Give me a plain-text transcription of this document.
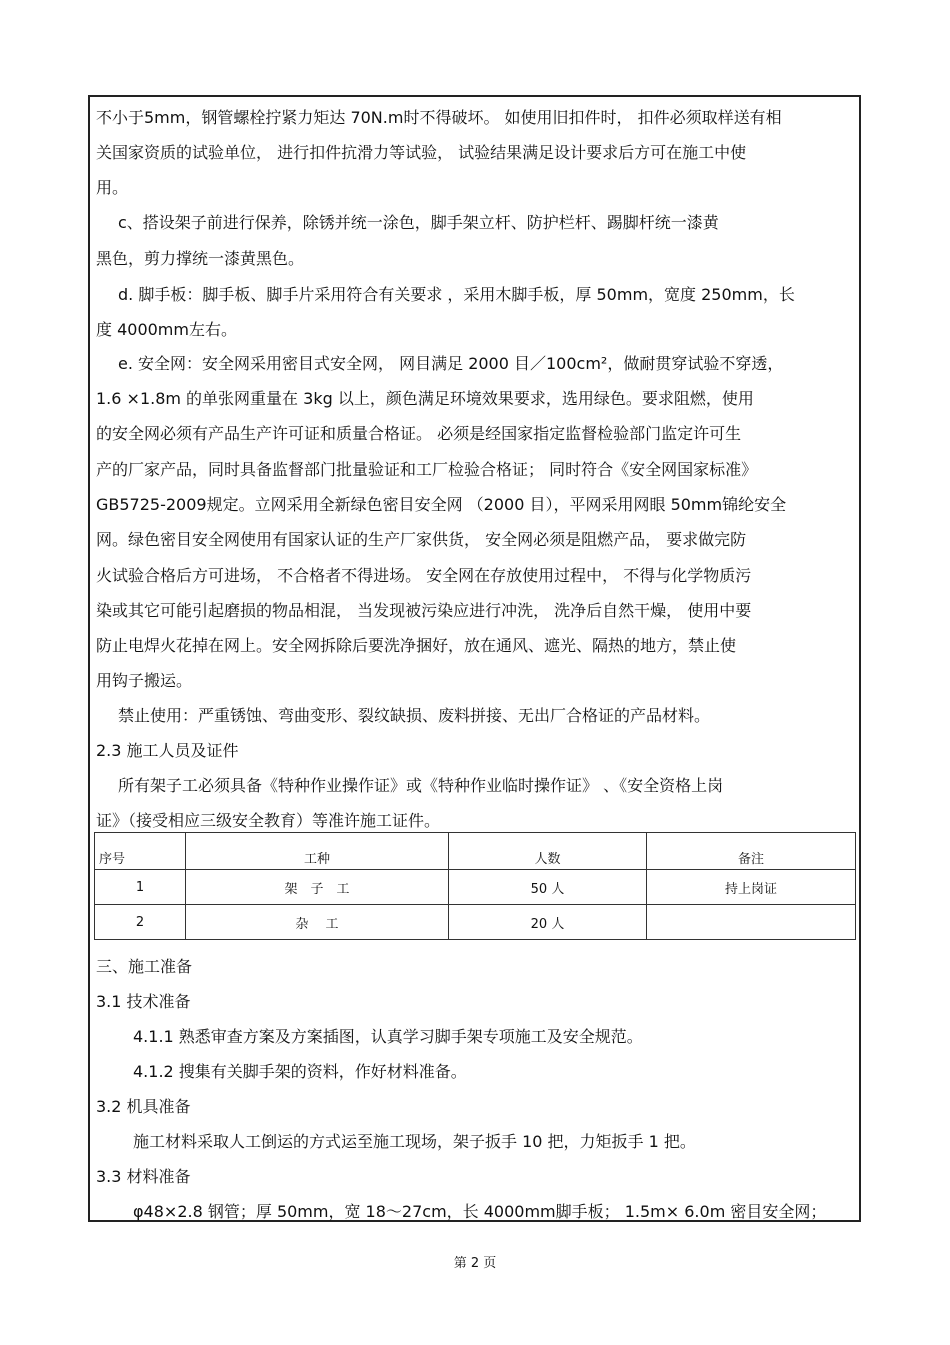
不小于5mm，钢管螺栓拧紧力矩达 70N.m时不得破坏。 如使用旧扣件时， 扣件必须取样送有相
关国家资质的试验单位， 进行扣件抗滑力等试验， 试验结果满足设计要求后方可在施工中使
用。
c、搭设架子前进行保养，除锈并统一涂色，脚手架立杆、防护栏杆、踢脚杆统一漆黄
黑色，剪力撑统一漆黄黑色。
d. 脚手板：脚手板、脚手片采用符合有关要求 ，采用木脚手板，厚 50mm，宽度 250mm，长
度 4000mm左右。
e. 安全网：安全网采用密目式安全网， 网目满足 2000 目／100cm²，做耐贯穿试验不穿透，
1.6 ×1.8m 的单张网重量在 3kg 以上，颜色满足环境效果要求，选用绿色。要求阻燃，使用
的安全网必须有产品生产许可证和质量合格证。 必须是经国家指定监督检验部门监定许可生
产的厂家产品，同时具备监督部门批量验证和工厂检验合格证； 同时符合《安全网国家标准》
GB5725-2009规定。立网采用全新绿色密目安全网 （2000 目），平网采用网眼 50mm锦纶安全
网。绿色密目安全网使用有国家认证的生产厂家供货， 安全网必须是阻燃产品， 要求做完防
火试验合格后方可进场， 不合格者不得进场。 安全网在存放使用过程中， 不得与化学物质污
染或其它可能引起磨损的物品相混， 当发现被污染应进行冲洗， 洗净后自然干燥， 使用中要
防止电焊火花掉在网上。安全网拆除后要洗净捆好，放在通风、遮光、隔热的地方，禁止使
用钩子搬运。
禁止使用：严重锈蚀、弯曲变形、裂纹缺损、废料拼接、无出厂合格证的产品材料。
2.3 施工人员及证件
所有架子工必须具备《特种作业操作证》或《特种作业临时操作证》 、《安全资格上岗
证》（接受相应三级安全教育）等准许施工证件。
序号	工种	人数	备注
1	架　子　工	50 人	持上岗证
2	杂　 工	20 人	
三、施工准备
3.1 技术准备
4.1.1 熟悉审查方案及方案插图，认真学习脚手架专项施工及安全规范。
4.1.2 搜集有关脚手架的资料，作好材料准备。
3.2 机具准备
施工材料采取人工倒运的方式运至施工现场，架子扳手 10 把，力矩扳手 1 把。
3.3 材料准备
φ48×2.8 钢管；厚 50mm，宽 18～27cm，长 4000mm脚手板； 1.5m× 6.0m 密目安全网；
第 2 页
